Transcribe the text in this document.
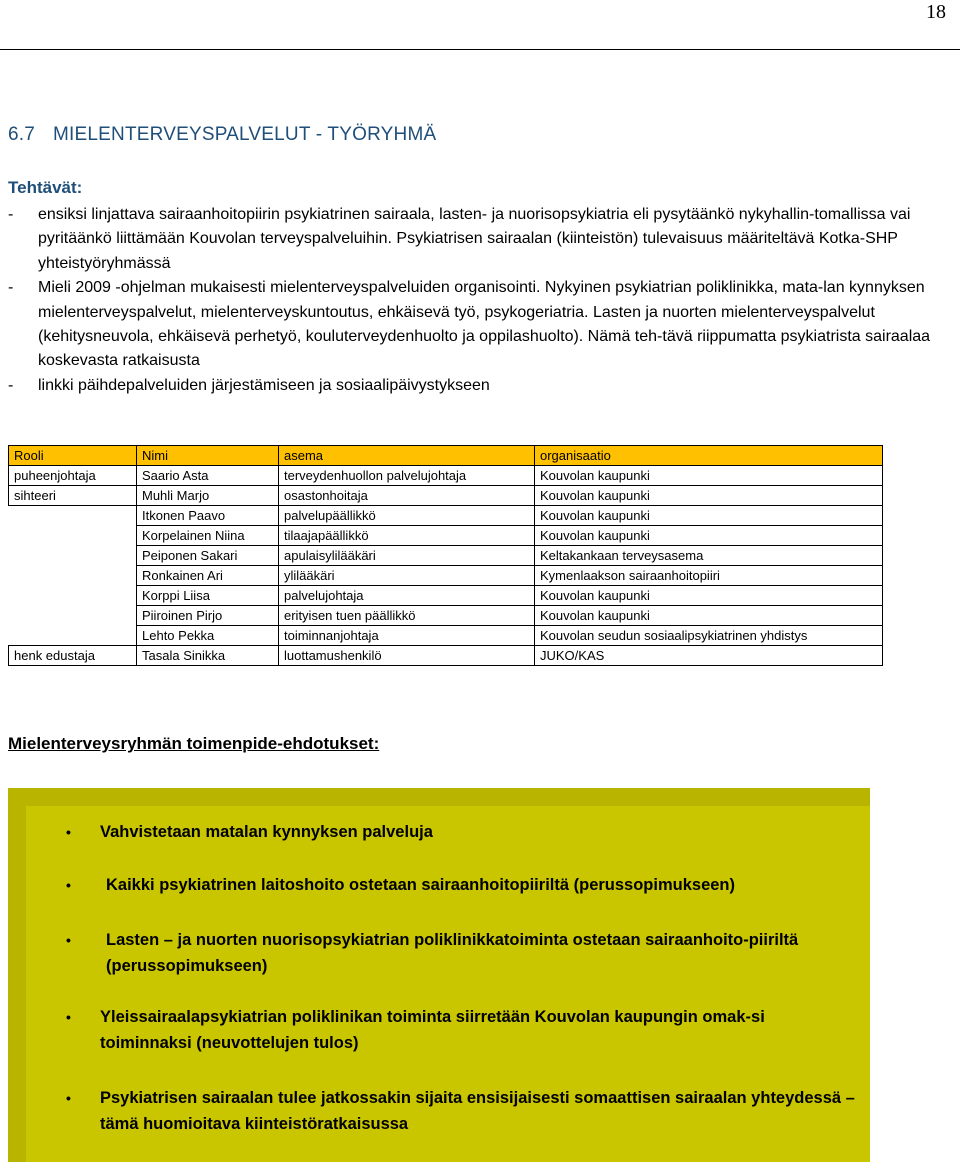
18
6.7 MIELENTERVEYSPALVELUT - TYÖRYHMÄ
Tehtävät:
- ensiksi linjattava sairaanhoitopiirin psykiatrinen sairaala, lasten- ja nuorisopsykiatria eli pysytäänkö nykyhallin-tomallissa vai pyritäänkö liittämään Kouvolan terveyspalveluihin. Psykiatrisen sairaalan (kiinteistön) tulevaisuus määriteltävä Kotka-SHP yhteistyöryhmässä
- Mieli 2009 -ohjelman mukaisesti mielenterveyspalveluiden organisointi. Nykyinen psykiatrian poliklinikka, mata-lan kynnyksen mielenterveyspalvelut, mielenterveyskuntoutus, ehkäisevä työ, psykogeriatria. Lasten ja nuorten mielenterveyspalvelut (kehitysneuvola, ehkäisevä perhetyö, kouluterveydenhuolto ja oppilashuolto). Nämä teh-tävä riippumatta psykiatrista sairaalaa koskevasta ratkaisusta
- linkki päihdepalveluiden järjestämiseen ja sosiaalipäivystykseen
Rooli	Nimi	asema	organisaatio
puheenjohtaja	Saario Asta	terveydenhuollon palvelujohtaja	Kouvolan kaupunki
sihteeri	Muhli Marjo	osastonhoitaja	Kouvolan kaupunki
	Itkonen Paavo	palvelupäällikkö	Kouvolan kaupunki
	Korpelainen Niina	tilaajapäällikkö	Kouvolan kaupunki
	Peiponen Sakari	apulaisylilääkäri	Keltakankaan terveysasema
	Ronkainen Ari	ylilääkäri	Kymenlaakson sairaanhoitopiiri
	Korppi Liisa	palvelujohtaja	Kouvolan kaupunki
	Piiroinen Pirjo	erityisen tuen päällikkö	Kouvolan kaupunki
	Lehto Pekka	toiminnanjohtaja	Kouvolan seudun sosiaalipsykiatrinen yhdistys
henk edustaja	Tasala Sinikka	luottamushenkilö	JUKO/KAS
Mielenterveysryhmän toimenpide-ehdotukset:
• Vahvistetaan matalan kynnyksen palveluja
• Kaikki psykiatrinen laitoshoito ostetaan sairaanhoitopiiriltä (perussopimukseen)
• Lasten – ja nuorten nuorisopsykiatrian poliklinikkatoiminta ostetaan sairaanhoito-piiriltä (perussopimukseen)
• Yleissairaalapsykiatrian poliklinikan toiminta siirretään Kouvolan kaupungin omak-si toiminnaksi (neuvottelujen tulos)
• Psykiatrisen sairaalan tulee jatkossakin sijaita ensisijaisesti somaattisen sairaalan yhteydessä – tämä huomioitava kiinteistöratkaisussa
